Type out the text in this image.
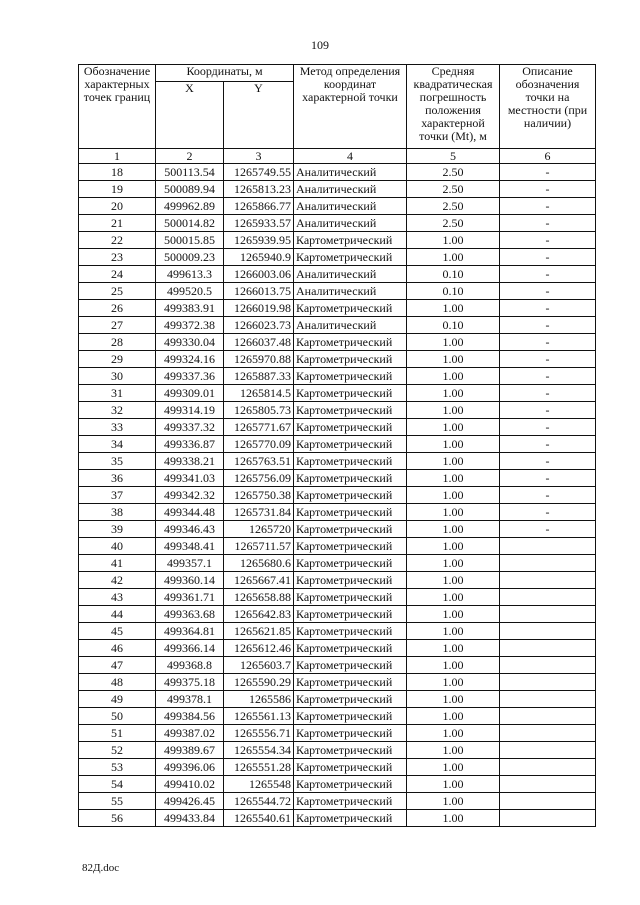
109
Обозначение характерных точек границ	Координаты, м		Метод определения координат характерной точки	Средняя квадратическая погрешность положения характерной точки (Mt), м	Описание обозначения точки на местности (при наличии)
	X	Y			
1	2	3	4	5	6
18	500113.54	1265749.55	Аналитический	2.50	-
19	500089.94	1265813.23	Аналитический	2.50	-
20	499962.89	1265866.77	Аналитический	2.50	-
21	500014.82	1265933.57	Аналитический	2.50	-
22	500015.85	1265939.95	Картометрический	1.00	-
23	500009.23	1265940.9	Картометрический	1.00	-
24	499613.3	1266003.06	Аналитический	0.10	-
25	499520.5	1266013.75	Аналитический	0.10	-
26	499383.91	1266019.98	Картометрический	1.00	-
27	499372.38	1266023.73	Аналитический	0.10	-
28	499330.04	1266037.48	Картометрический	1.00	-
29	499324.16	1265970.88	Картометрический	1.00	-
30	499337.36	1265887.33	Картометрический	1.00	-
31	499309.01	1265814.5	Картометрический	1.00	-
32	499314.19	1265805.73	Картометрический	1.00	-
33	499337.32	1265771.67	Картометрический	1.00	-
34	499336.87	1265770.09	Картометрический	1.00	-
35	499338.21	1265763.51	Картометрический	1.00	-
36	499341.03	1265756.09	Картометрический	1.00	-
37	499342.32	1265750.38	Картометрический	1.00	-
38	499344.48	1265731.84	Картометрический	1.00	-
39	499346.43	1265720	Картометрический	1.00	-
40	499348.41	1265711.57	Картометрический	1.00	
41	499357.1	1265680.6	Картометрический	1.00	
42	499360.14	1265667.41	Картометрический	1.00	
43	499361.71	1265658.88	Картометрический	1.00	
44	499363.68	1265642.83	Картометрический	1.00	
45	499364.81	1265621.85	Картометрический	1.00	
46	499366.14	1265612.46	Картометрический	1.00	
47	499368.8	1265603.7	Картометрический	1.00	
48	499375.18	1265590.29	Картометрический	1.00	
49	499378.1	1265586	Картометрический	1.00	
50	499384.56	1265561.13	Картометрический	1.00	
51	499387.02	1265556.71	Картометрический	1.00	
52	499389.67	1265554.34	Картометрический	1.00	
53	499396.06	1265551.28	Картометрический	1.00	
54	499410.02	1265548	Картометрический	1.00	
55	499426.45	1265544.72	Картометрический	1.00	
56	499433.84	1265540.61	Картометрический	1.00	
82Д.doc
